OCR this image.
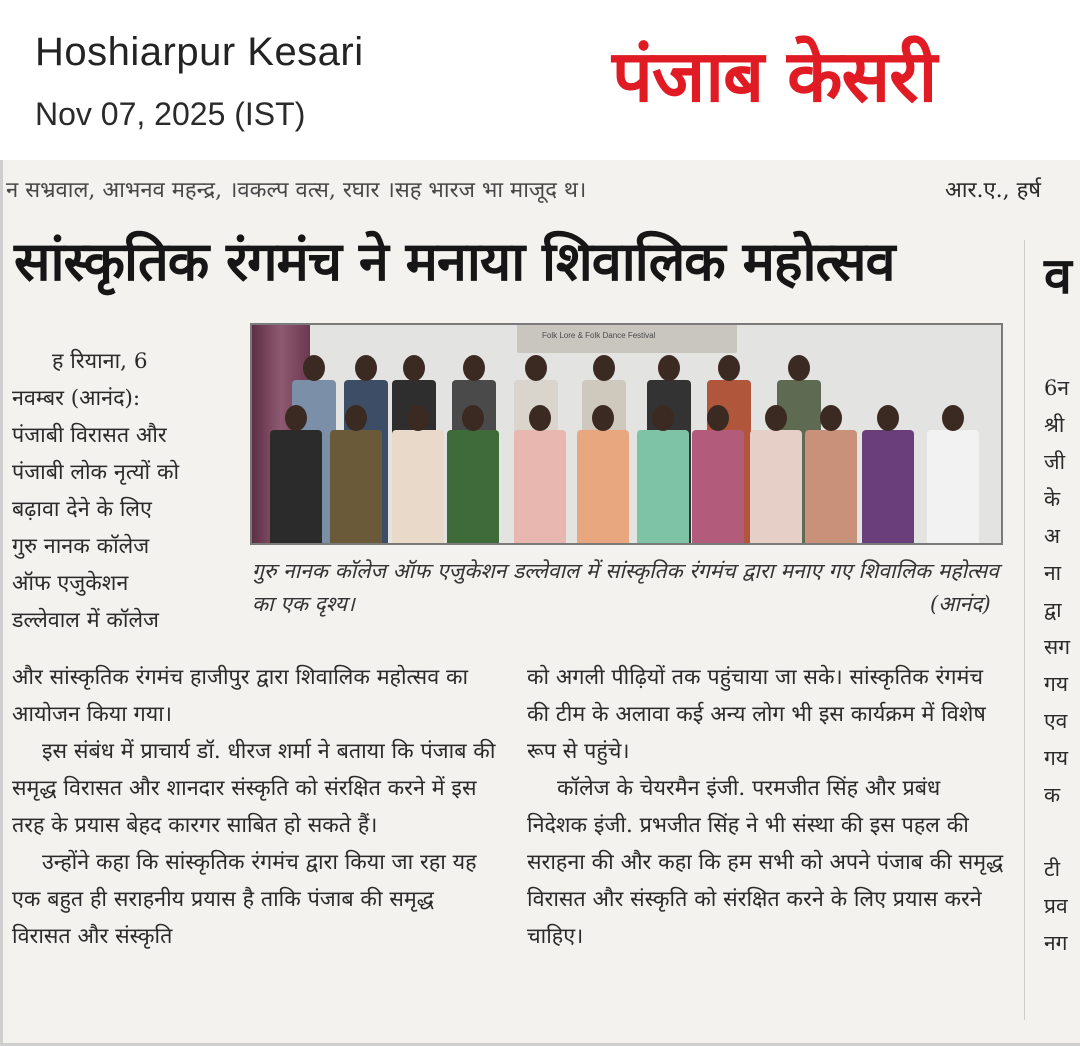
Hoshiarpur Kesari
Nov 07, 2025 (IST)	पंजाब केसरी
न सभ्रवाल, आभनव महन्द्र, ।वकल्प वत्स, रघार ।सह भारज भा माजूद थ।	आर.ए., हर्ष
सांस्कृतिक रंगमंच ने मनाया शिवालिक महोत्सव	व
Folk Lore & Folk Dance Festival
गुरु नानक कॉलेज ऑफ एजुकेशन डल्लेवाल में सांस्कृतिक रंगमंच द्वारा मनाए गए शिवालिक महोत्सव का एक दृश्य।	(आनंद)
ह रियाना, 6
नवम्बर (आनंद):
पंजाबी विरासत और
पंजाबी लोक नृत्यों को
बढ़ावा देने के लिए
गुरु नानक कॉलेज
ऑफ एजुकेशन
डल्लेवाल में कॉलेज

और सांस्कृतिक रंगमंच हाजीपुर द्वारा शिवालिक महोत्सव का आयोजन किया गया।

इस संबंध में प्राचार्य डॉ. धीरज शर्मा ने बताया कि पंजाब की समृद्ध विरासत और शानदार संस्कृति को संरक्षित करने में इस तरह के प्रयास बेहद कारगर साबित हो सकते हैं।

उन्होंने कहा कि सांस्कृतिक रंगमंच द्वारा किया जा रहा यह एक बहुत ही सराहनीय प्रयास है ताकि पंजाब की समृद्ध विरासत और संस्कृति

को अगली पीढ़ियों तक पहुंचाया जा सके। सांस्कृतिक रंगमंच की टीम के अलावा कई अन्य लोग भी इस कार्यक्रम में विशेष रूप से पहुंचे।

कॉलेज के चेयरमैन इंजी. परमजीत सिंह और प्रबंध निदेशक इंजी. प्रभजीत सिंह ने भी संस्था की इस पहल की सराहना की और कहा कि हम सभी को अपने पंजाब की समृद्ध विरासत और संस्कृति को संरक्षित करने के लिए प्रयास करने चाहिए।

6न
श्री
जी
के
अ
ना
द्वा
सग
गय
एव
गय
क

टी
प्रव
नग
